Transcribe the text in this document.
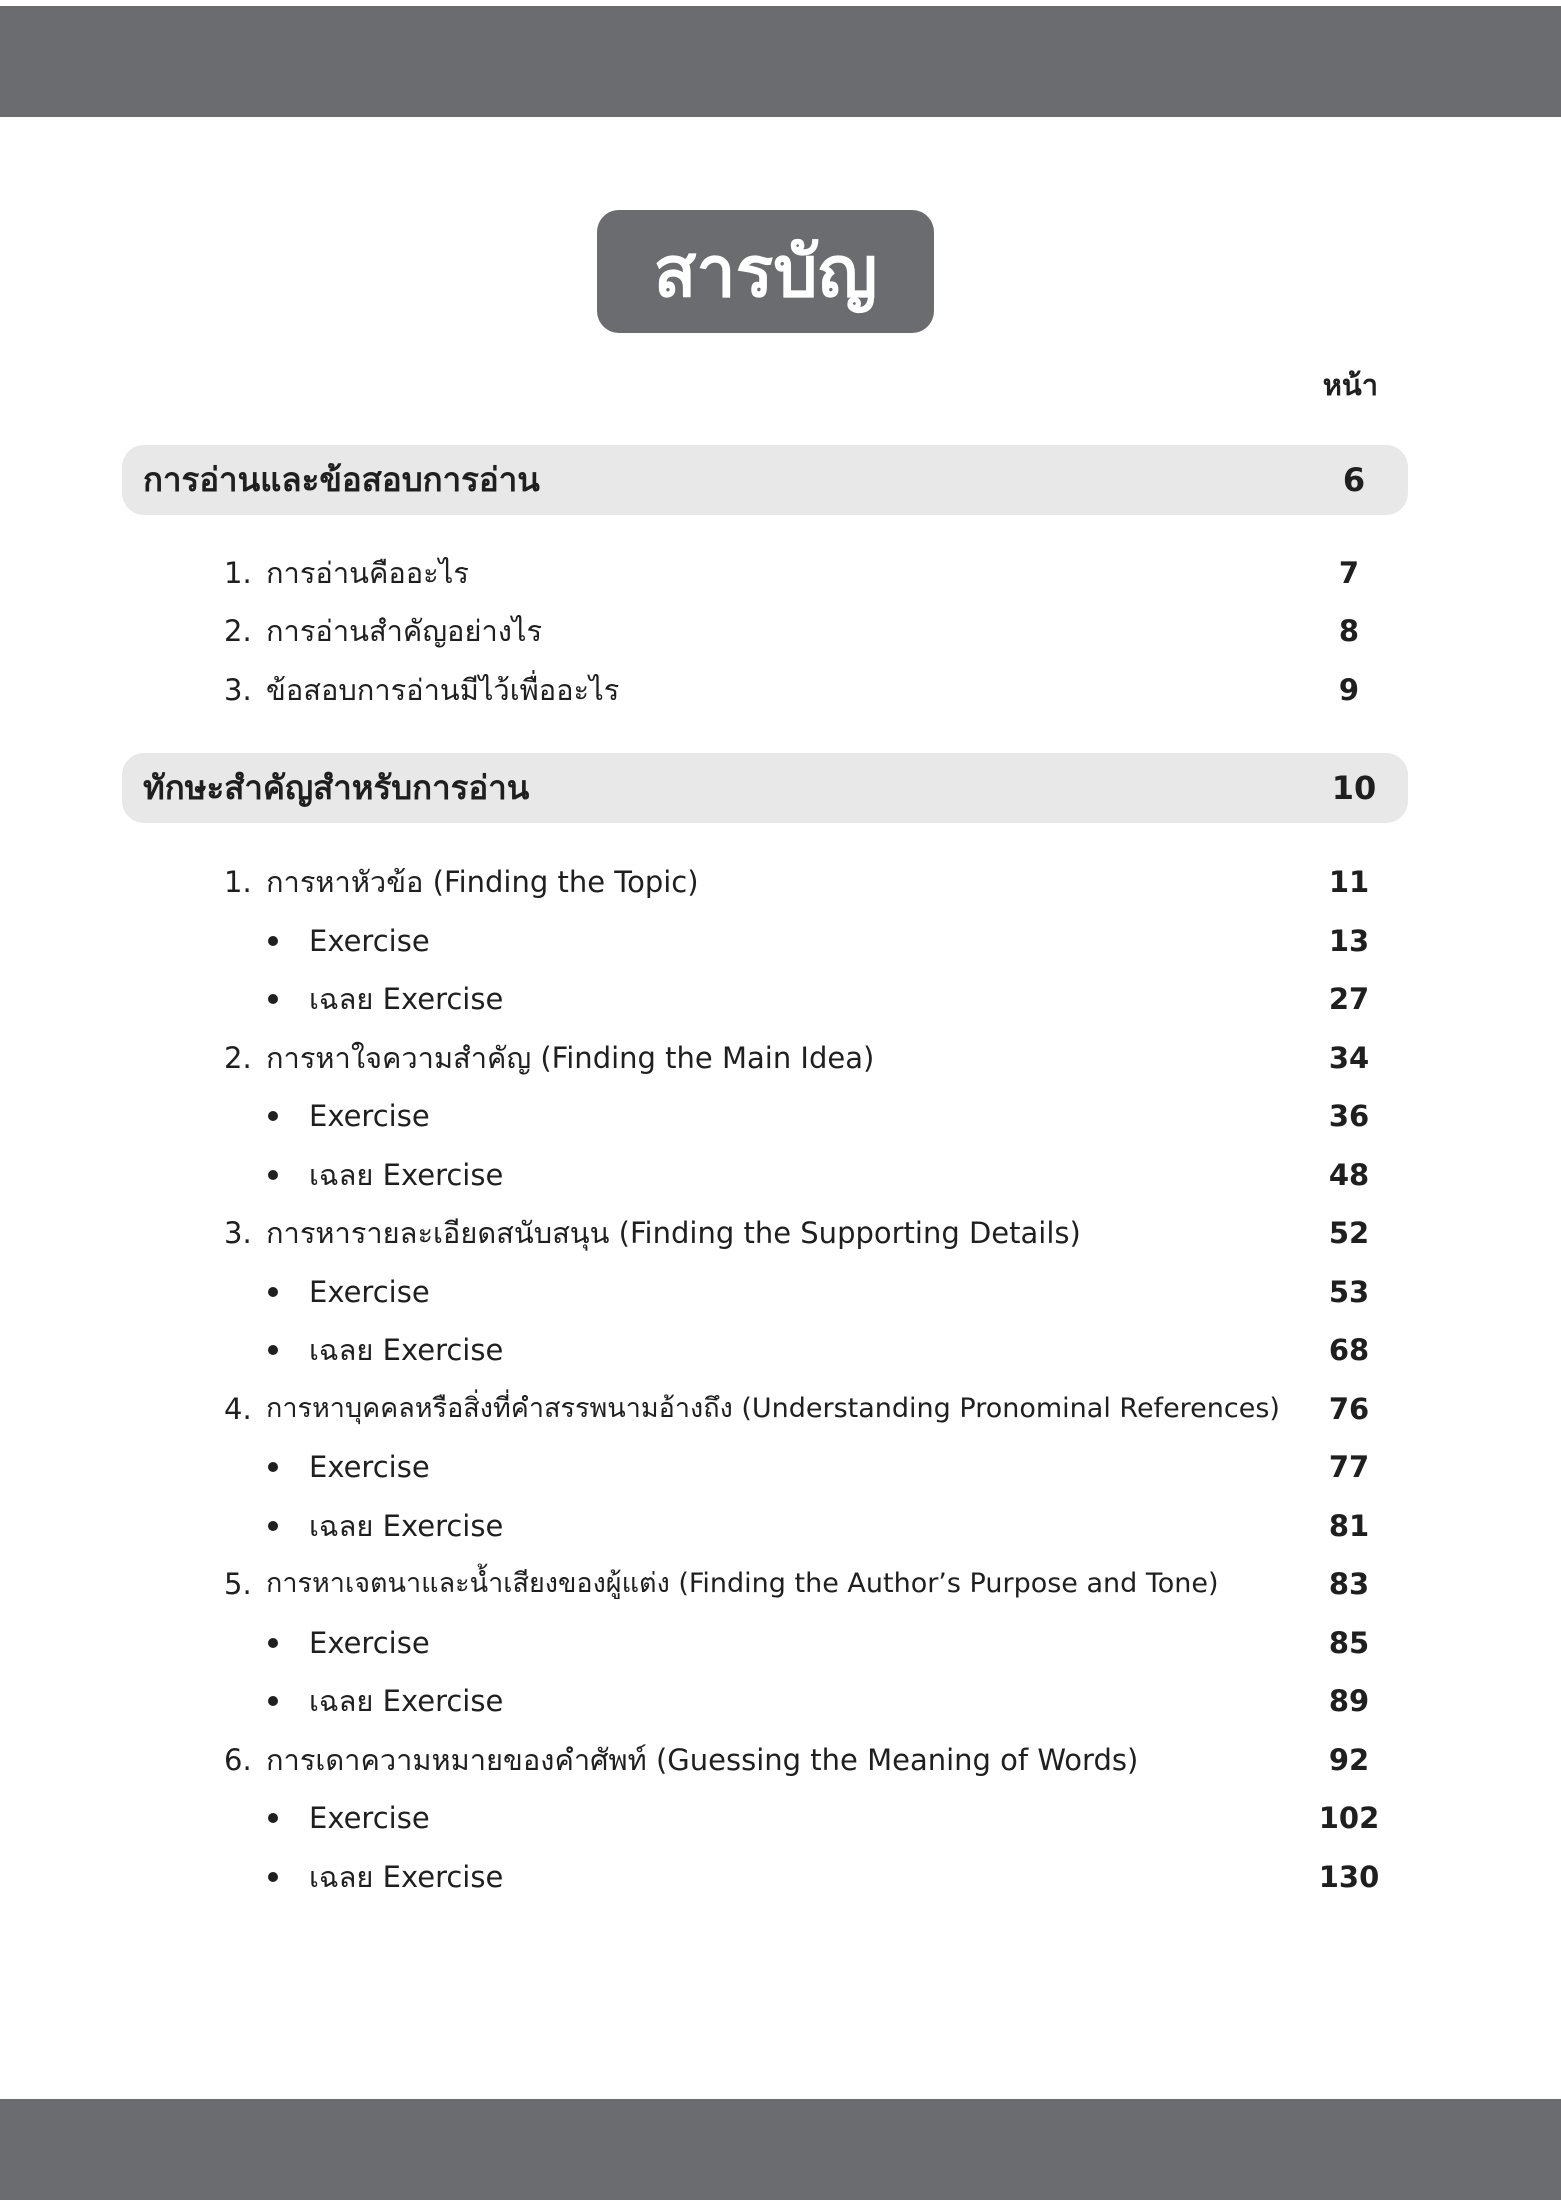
สารบัญ
หน้า
การอ่านและข้อสอบการอ่าน	6
1. การอ่านคืออะไร	7
2. การอ่านสำคัญอย่างไร	8
3. ข้อสอบการอ่านมีไว้เพื่ออะไร	9
ทักษะสำคัญสำหรับการอ่าน	10
1. การหาหัวข้อ (Finding the Topic)	11
Exercise	13
เฉลย Exercise	27
2. การหาใจความสำคัญ (Finding the Main Idea)	34
Exercise	36
เฉลย Exercise	48
3. การหารายละเอียดสนับสนุน (Finding the Supporting Details)	52
Exercise	53
เฉลย Exercise	68
4. การหาบุคคลหรือสิ่งที่คำสรรพนามอ้างถึง (Understanding Pronominal References)	76
Exercise	77
เฉลย Exercise	81
5. การหาเจตนาและน้ำเสียงของผู้แต่ง (Finding the Author’s Purpose and Tone)	83
Exercise	85
เฉลย Exercise	89
6. การเดาความหมายของคำศัพท์ (Guessing the Meaning of Words)	92
Exercise	102
เฉลย Exercise	130
